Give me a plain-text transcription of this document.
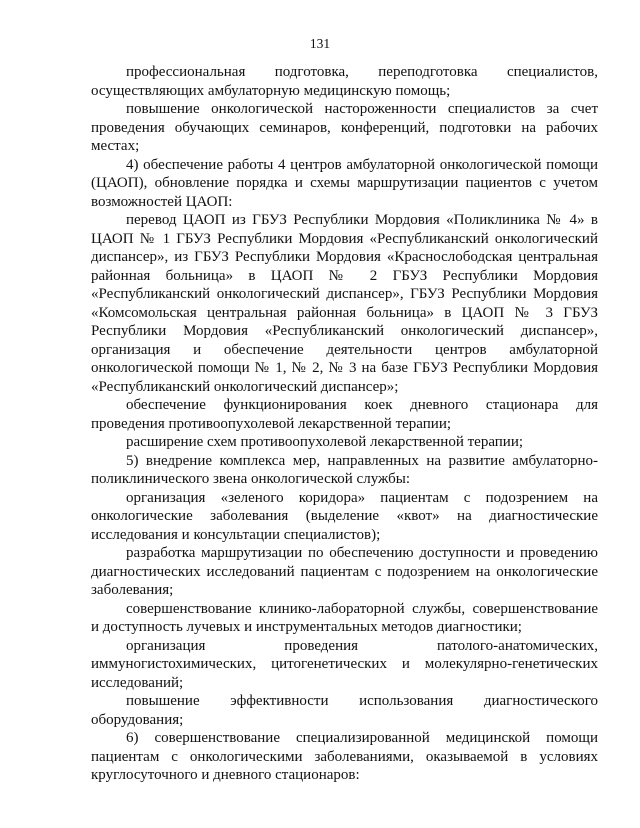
131

профессиональная подготовка, переподготовка специалистов, осуществляющих амбулаторную медицинскую помощь;

повышение онкологической настороженности специалистов за счет проведения обучающих семинаров, конференций, подготовки на рабочих местах;

4) обеспечение работы 4 центров амбулаторной онкологической помощи (ЦАОП), обновление порядка и схемы маршрутизации пациентов с учетом возможностей ЦАОП:

перевод ЦАОП из ГБУЗ Республики Мордовия «Поликлиника № 4» в ЦАОП № 1 ГБУЗ Республики Мордовия «Республиканский онкологический диспансер», из ГБУЗ Республики Мордовия «Краснослободская центральная районная больница» в ЦАОП № 2 ГБУЗ Республики Мордовия «Республиканский онкологический диспансер», ГБУЗ Республики Мордовия «Комсомольская центральная районная больница» в ЦАОП № 3 ГБУЗ Республики Мордовия «Республиканский онкологический диспансер», организация и обеспечение деятельности центров амбулаторной онкологической помощи № 1, № 2, № 3 на базе ГБУЗ Республики Мордовия «Республиканский онкологический диспансер»;

обеспечение функционирования коек дневного стационара для проведения противоопухолевой лекарственной терапии;

расширение схем противоопухолевой лекарственной терапии;

5) внедрение комплекса мер, направленных на развитие амбулаторно-поликлинического звена онкологической службы:

организация «зеленого коридора» пациентам с подозрением на онкологические заболевания (выделение «квот» на диагностические исследования и консультации специалистов);

разработка маршрутизации по обеспечению доступности и проведению диагностических исследований пациентам с подозрением на онкологические заболевания;

совершенствование клинико-лабораторной службы, совершенствование и доступность лучевых и инструментальных методов диагностики;

организация проведения патолого-анатомических, иммуногистохимических, цитогенетических и молекулярно-генетических исследований;

повышение эффективности использования диагностического оборудования;

6) совершенствование специализированной медицинской помощи пациентам с онкологическими заболеваниями, оказываемой в условиях круглосуточного и дневного стационаров:
